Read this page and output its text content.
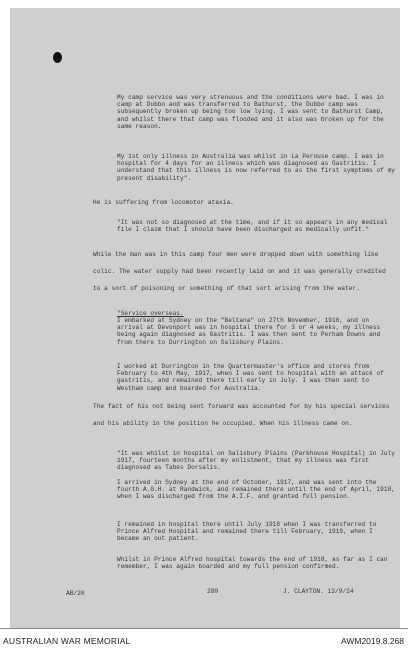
My camp service was very strenuous and the conditions were bad. I was in camp at Dubbo and was transferred to Bathurst, the Dubbo camp was subsequently broken up being too low lying. I was sent to Bathurst Camp, and whilst there that camp was flooded and it also was broken up for the same reason.

My 1st only illness in Australia was whilst in La Perouse camp. I was in hospital for 4 days for an illness which was diagnosed as Gastritis. I understand that this illness is now referred to as the first symptoms of my present disability".

He is suffering from locomotor ataxia.

"It was not so diagnosed at the time, and if it so appears in any medical file I claim that I should have been discharged as medically unfit."

While the man was in this camp four men were dropped down with something like colic. The water supply had been recently laid on and it was generally credited to a sort of poisoning or something of that sort arising from the water.

"Service overseas.

I embarked at Sydney on the "Beltana" on 27th November, 1916, and on arrival at Devonport was in hospital there for 3 or 4 weeks, my illness being again diagnosed as Gastritis. I was then sent to Perham Downs and from there to Durrington on Salisbury Plains.

I worked at Durrington in the Quartermaster's office and stores from February to 4th May, 1917, when I was sent to hospital with an attack of gastritis, and remained there till early in July. I was then sent to Westham camp and boarded for Australia.

The fact of his not being sent forward was accounted for by his special services and his ability in the position he occupied. When his illness came on.

"It was whilst in hospital on Salisbury Plains (Parkhouse Hospital) in July 1917, fourteen months after my enlistment, that my illness was first diagnosed as Tabes Dorsalis.

I arrived in Sydney at the end of October, 1917, and was sent into the fourth A.G.H. at Randwick, and remained there until the end of April, 1918, when I was discharged from the A.I.F. and granted full pension.

I remained in hospital there until July 1918 when I was transferred to Prince Alfred Hospital and remained there till February, 1919, when I became an out patient.

Whilst in Prince Alfred hospital towards the end of 1918, as far as I can remember, I was again boarded and my full pension confirmed.

AB/20	280	J. CLAYTON. 13/9/24
AUSTRALIAN WAR MEMORIAL	AWM2019.8.268
